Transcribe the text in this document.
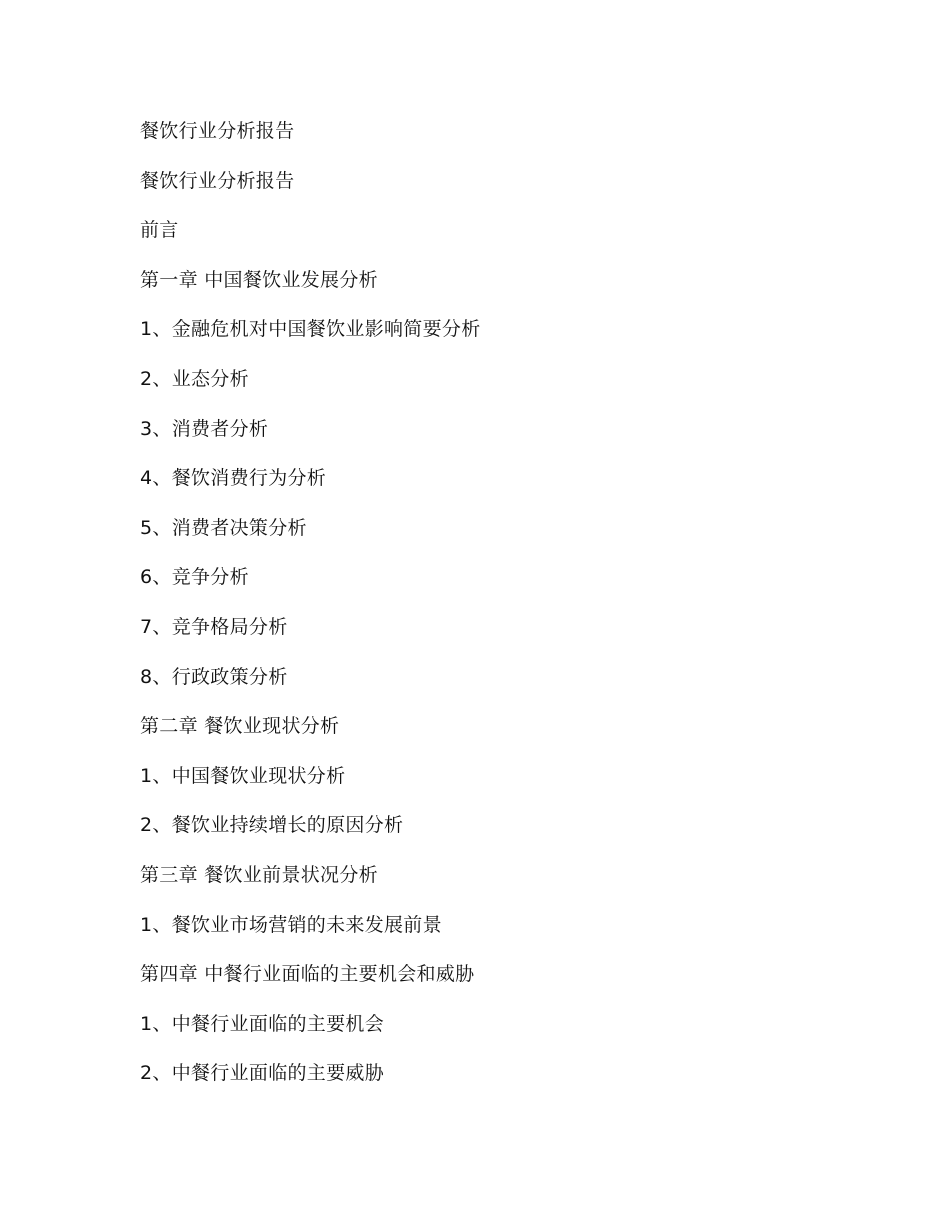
餐饮行业分析报告
餐饮行业分析报告
前言
第一章 中国餐饮业发展分析
1、金融危机对中国餐饮业影响简要分析
2、业态分析
3、消费者分析
4、餐饮消费行为分析
5、消费者决策分析
6、竞争分析
7、竞争格局分析
8、行政政策分析
第二章 餐饮业现状分析
1、中国餐饮业现状分析
2、餐饮业持续增长的原因分析
第三章 餐饮业前景状况分析
1、餐饮业市场营销的未来发展前景
第四章 中餐行业面临的主要机会和威胁
1、中餐行业面临的主要机会
2、中餐行业面临的主要威胁
